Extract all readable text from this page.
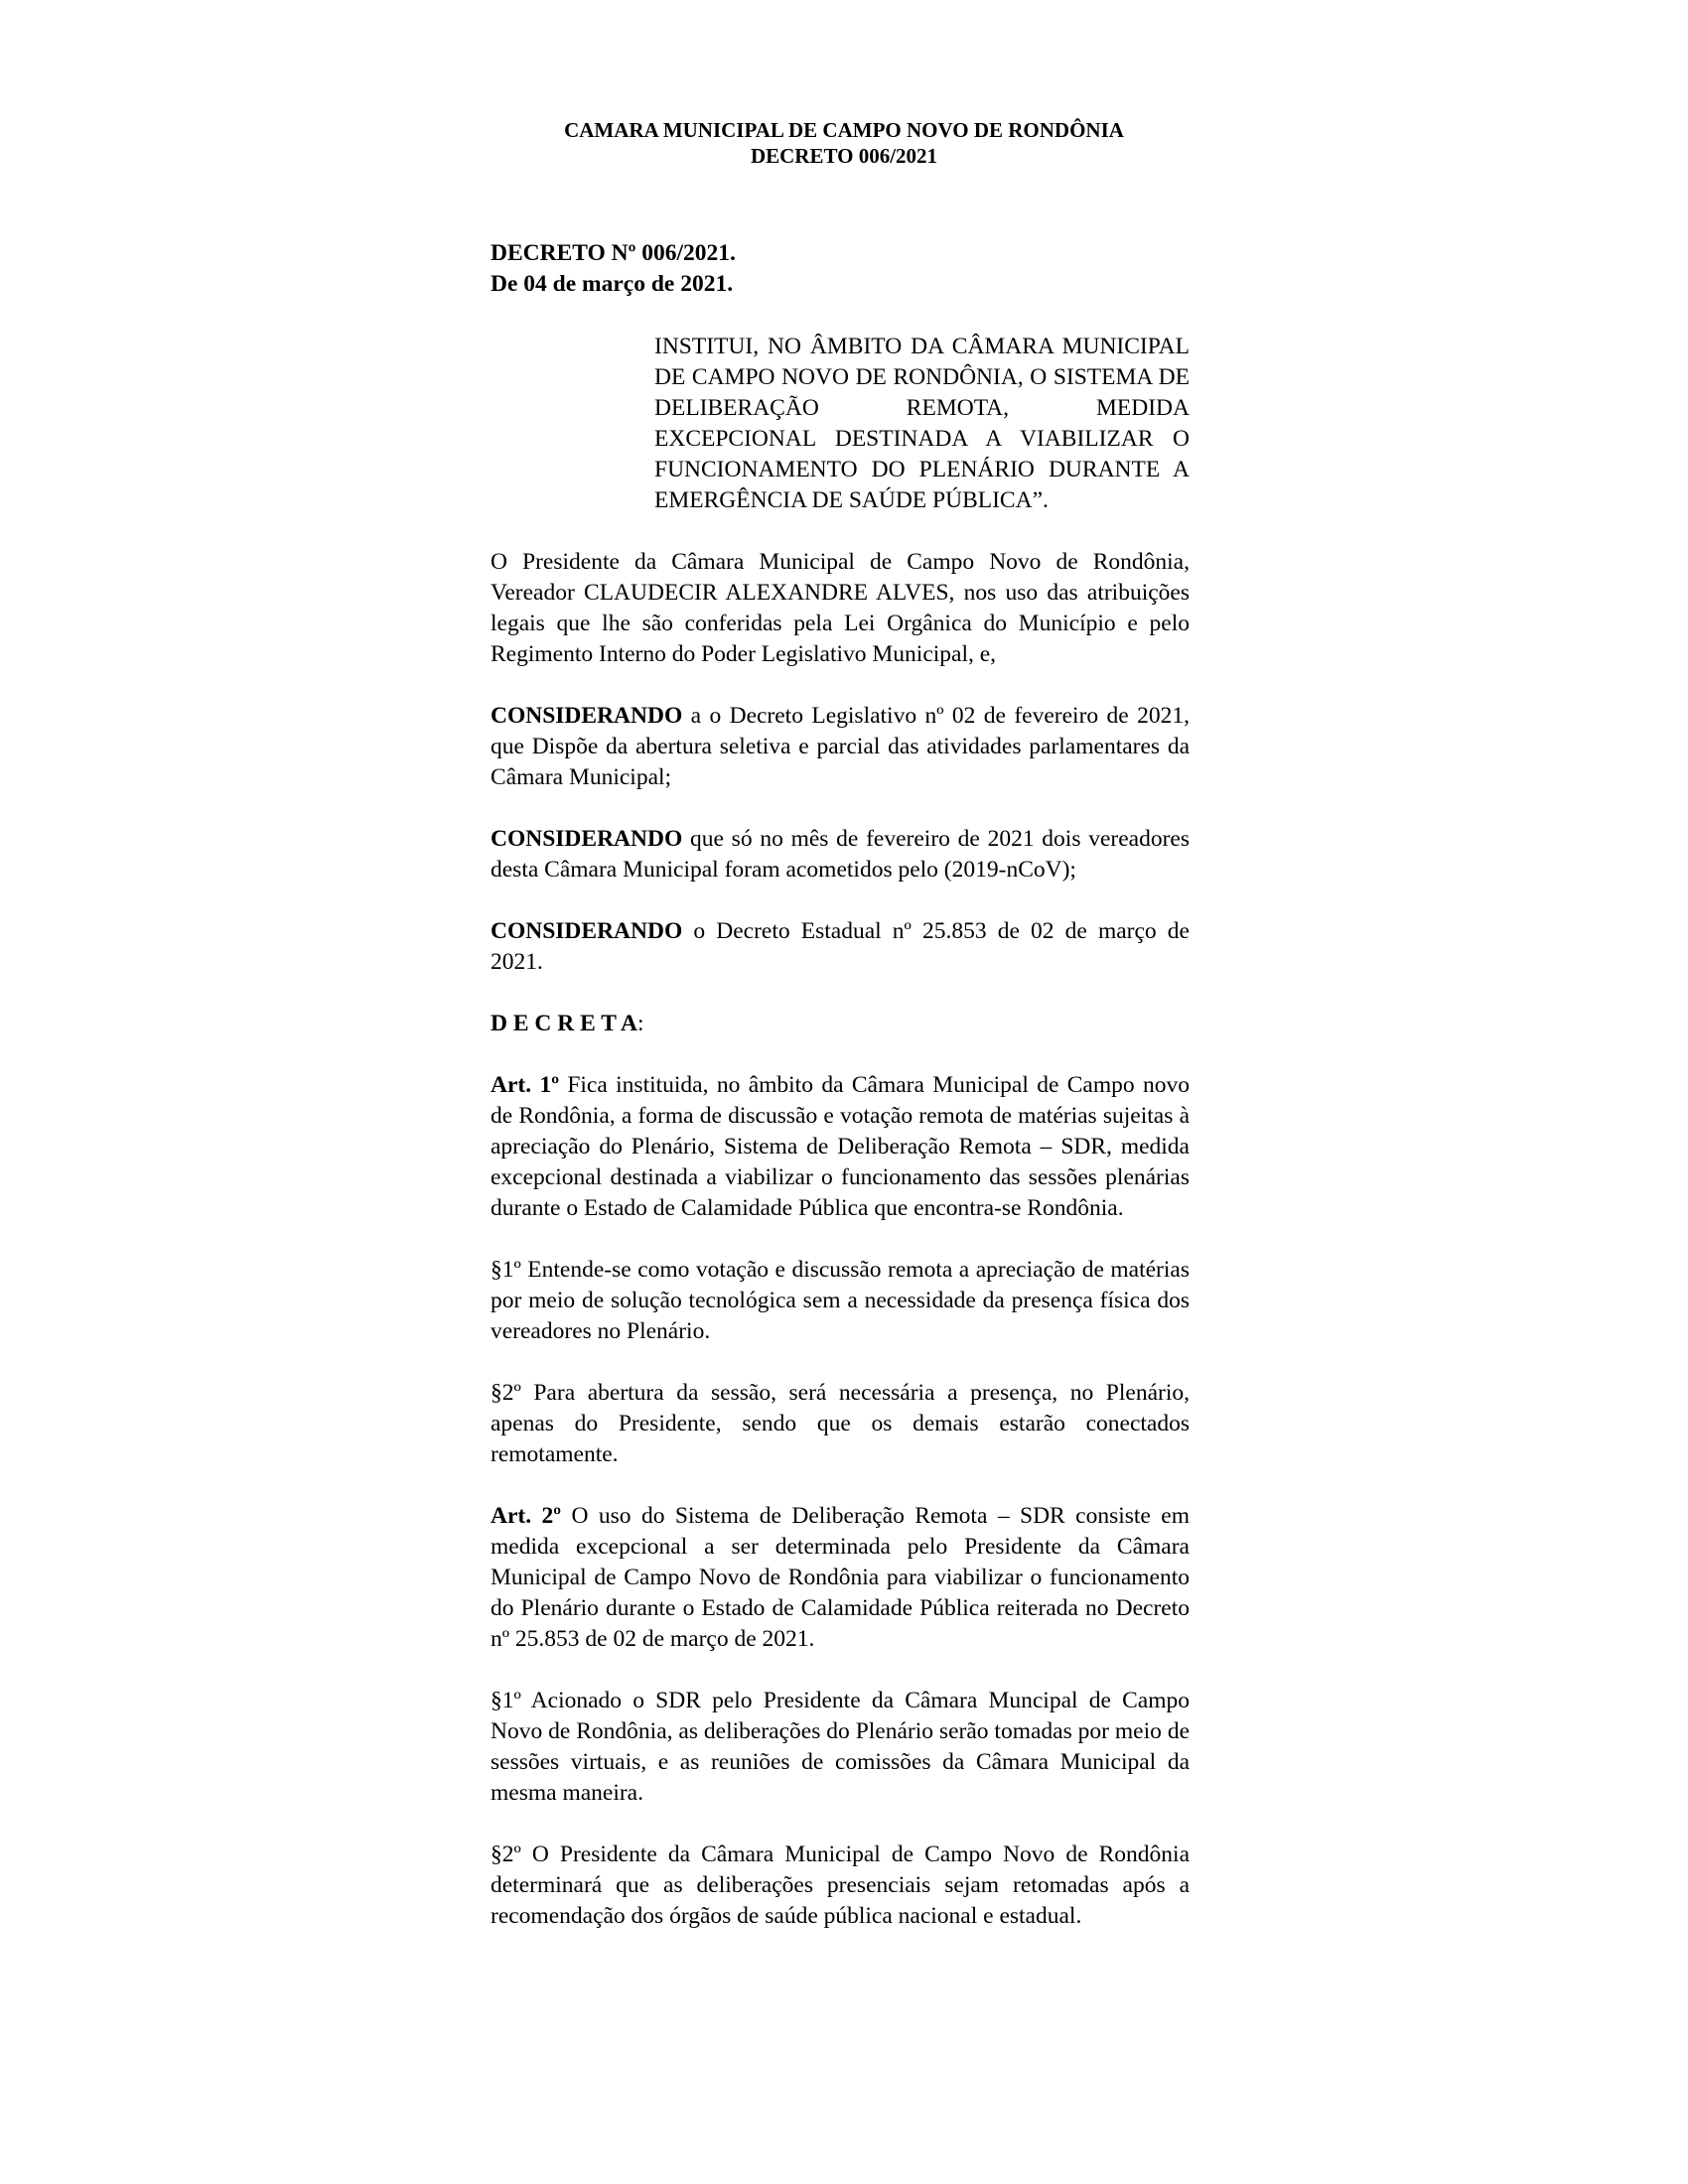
CAMARA MUNICIPAL DE CAMPO NOVO DE RONDÔNIA
DECRETO 006/2021
DECRETO Nº 006/2021.
De 04 de março de 2021.

INSTITUI, NO ÂMBITO DA CÂMARA MUNICIPAL DE CAMPO NOVO DE RONDÔNIA, O SISTEMA DE DELIBERAÇÃO REMOTA, MEDIDA EXCEPCIONAL DESTINADA A VIABILIZAR O FUNCIONAMENTO DO PLENÁRIO DURANTE A EMERGÊNCIA DE SAÚDE PÚBLICA”.

O Presidente da Câmara Municipal de Campo Novo de Rondônia, Vereador CLAUDECIR ALEXANDRE ALVES, nos uso das atribuições legais que lhe são conferidas pela Lei Orgânica do Município e pelo Regimento Interno do Poder Legislativo Municipal, e,

CONSIDERANDO a o Decreto Legislativo nº 02 de fevereiro de 2021, que Dispõe da abertura seletiva e parcial das atividades parlamentares da Câmara Municipal;

CONSIDERANDO que só no mês de fevereiro de 2021 dois vereadores desta Câmara Municipal foram acometidos pelo (2019-nCoV);

CONSIDERANDO o Decreto Estadual nº 25.853 de 02 de março de 2021.

D E C R E T A:

Art. 1º Fica instituida, no âmbito da Câmara Municipal de Campo novo de Rondônia, a forma de discussão e votação remota de matérias sujeitas à apreciação do Plenário, Sistema de Deliberação Remota – SDR, medida excepcional destinada a viabilizar o funcionamento das sessões plenárias durante o Estado de Calamidade Pública que encontra-se Rondônia.

§1º Entende-se como votação e discussão remota a apreciação de matérias por meio de solução tecnológica sem a necessidade da presença física dos vereadores no Plenário.

§2º Para abertura da sessão, será necessária a presença, no Plenário, apenas do Presidente, sendo que os demais estarão conectados remotamente.

Art. 2º O uso do Sistema de Deliberação Remota – SDR consiste em medida excepcional a ser determinada pelo Presidente da Câmara Municipal de Campo Novo de Rondônia para viabilizar o funcionamento do Plenário durante o Estado de Calamidade Pública reiterada no Decreto nº 25.853 de 02 de março de 2021.

§1º Acionado o SDR pelo Presidente da Câmara Muncipal de Campo Novo de Rondônia, as deliberações do Plenário serão tomadas por meio de sessões virtuais, e as reuniões de comissões da Câmara Municipal da mesma maneira.

§2º O Presidente da Câmara Municipal de Campo Novo de Rondônia determinará que as deliberações presenciais sejam retomadas após a recomendação dos órgãos de saúde pública nacional e estadual.
